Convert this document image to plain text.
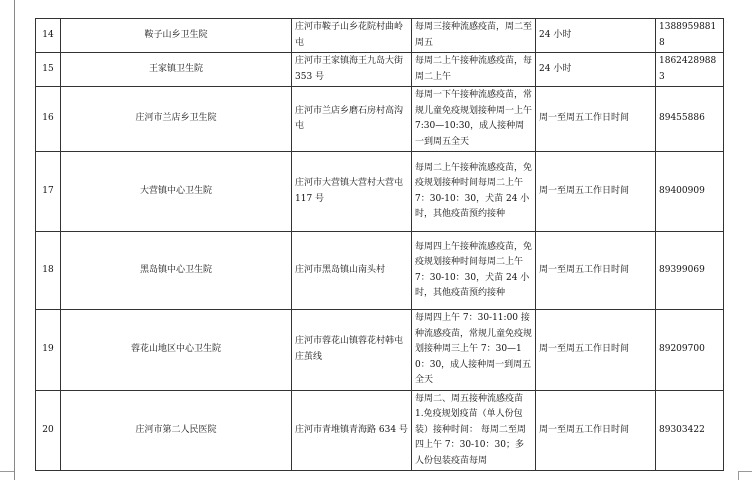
14	鞍子山乡卫生院	庄河市鞍子山乡花院村曲岭屯	每周三接种流感疫苗，周二至周五	24 小时	13889598818
15	王家镇卫生院	庄河市王家镇海王九岛大街 353 号	每周二上午接种流感疫苗，每周二上午	24 小时	18624289883
16	庄河市兰店乡卫生院	庄河市兰店乡磨石房村高沟屯	每周一下午接种流感疫苗，常规儿童免疫规划接种周一上午 7:30—10:30，成人接种周一到周五全天	周一至周五工作日时间	89455886
17	大营镇中心卫生院	庄河市大营镇大营村大营屯 117 号	每周二上午接种流感疫苗，免疫规划接种时间每周二上午 7：30-10：30，犬苗 24 小时，其他疫苗预约接种	周一至周五工作日时间	89400909
18	黑岛镇中心卫生院	庄河市黑岛镇山南头村	每周四上午接种流感疫苗，免疫规划接种时间每周二上午 7：30-10：30，犬苗 24 小时，其他疫苗预约接种	周一至周五工作日时间	89399069
19	蓉花山地区中心卫生院	庄河市蓉花山镇蓉花村韩屯庄茧线	每周四上午 7：30-11:00 接种流感疫苗，常规儿童免疫规划接种周三上午 7：30—10：30，成人接种周一到周五全天	周一至周五工作日时间	89209700
20	庄河市第二人民医院	庄河市青堆镇青海路 634 号	每周二、周五接种流感疫苗 1.免疫规划疫苗（单人份包装）接种时间： 每周二至周四上午 7：30-10：30；多人份包装疫苗每周	周一至周五工作日时间	89303422
